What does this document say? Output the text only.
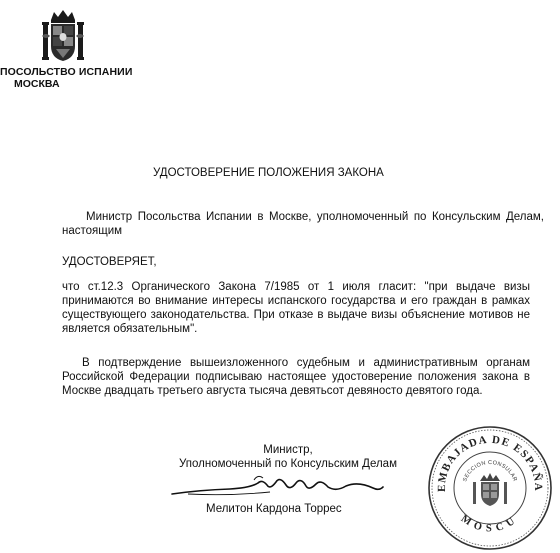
ПОСОЛЬСТВО ИСПАНИИ
МОСКВА
УДОСТОВЕРЕНИЕ ПОЛОЖЕНИЯ ЗАКОНА
Министр Посольства Испании в Москве, уполномоченный по Консульским Делам, настоящим
УДОСТОВЕРЯЕТ,
что ст.12.3 Органического Закона 7/1985 от 1 июля гласит: "при выдаче визы принимаются во внимание интересы испанского государства и его граждан в рамках существующего законодательства. При отказе в выдаче визы объяснение мотивов не является обязательным".
В подтверждение вышеизложенного судебным и административным органам Российской Федерации подписываю настоящее удостоверение положения закона в Москве двадцать третьего августа тысяча девятьсот девяносто девятого года.
Министр,
Уполномоченный по Консульским Делам
Мелитон Кардона Торрес
EMBAJADA DE ESPAÑA
MOSCU
SECCION CONSULAR
